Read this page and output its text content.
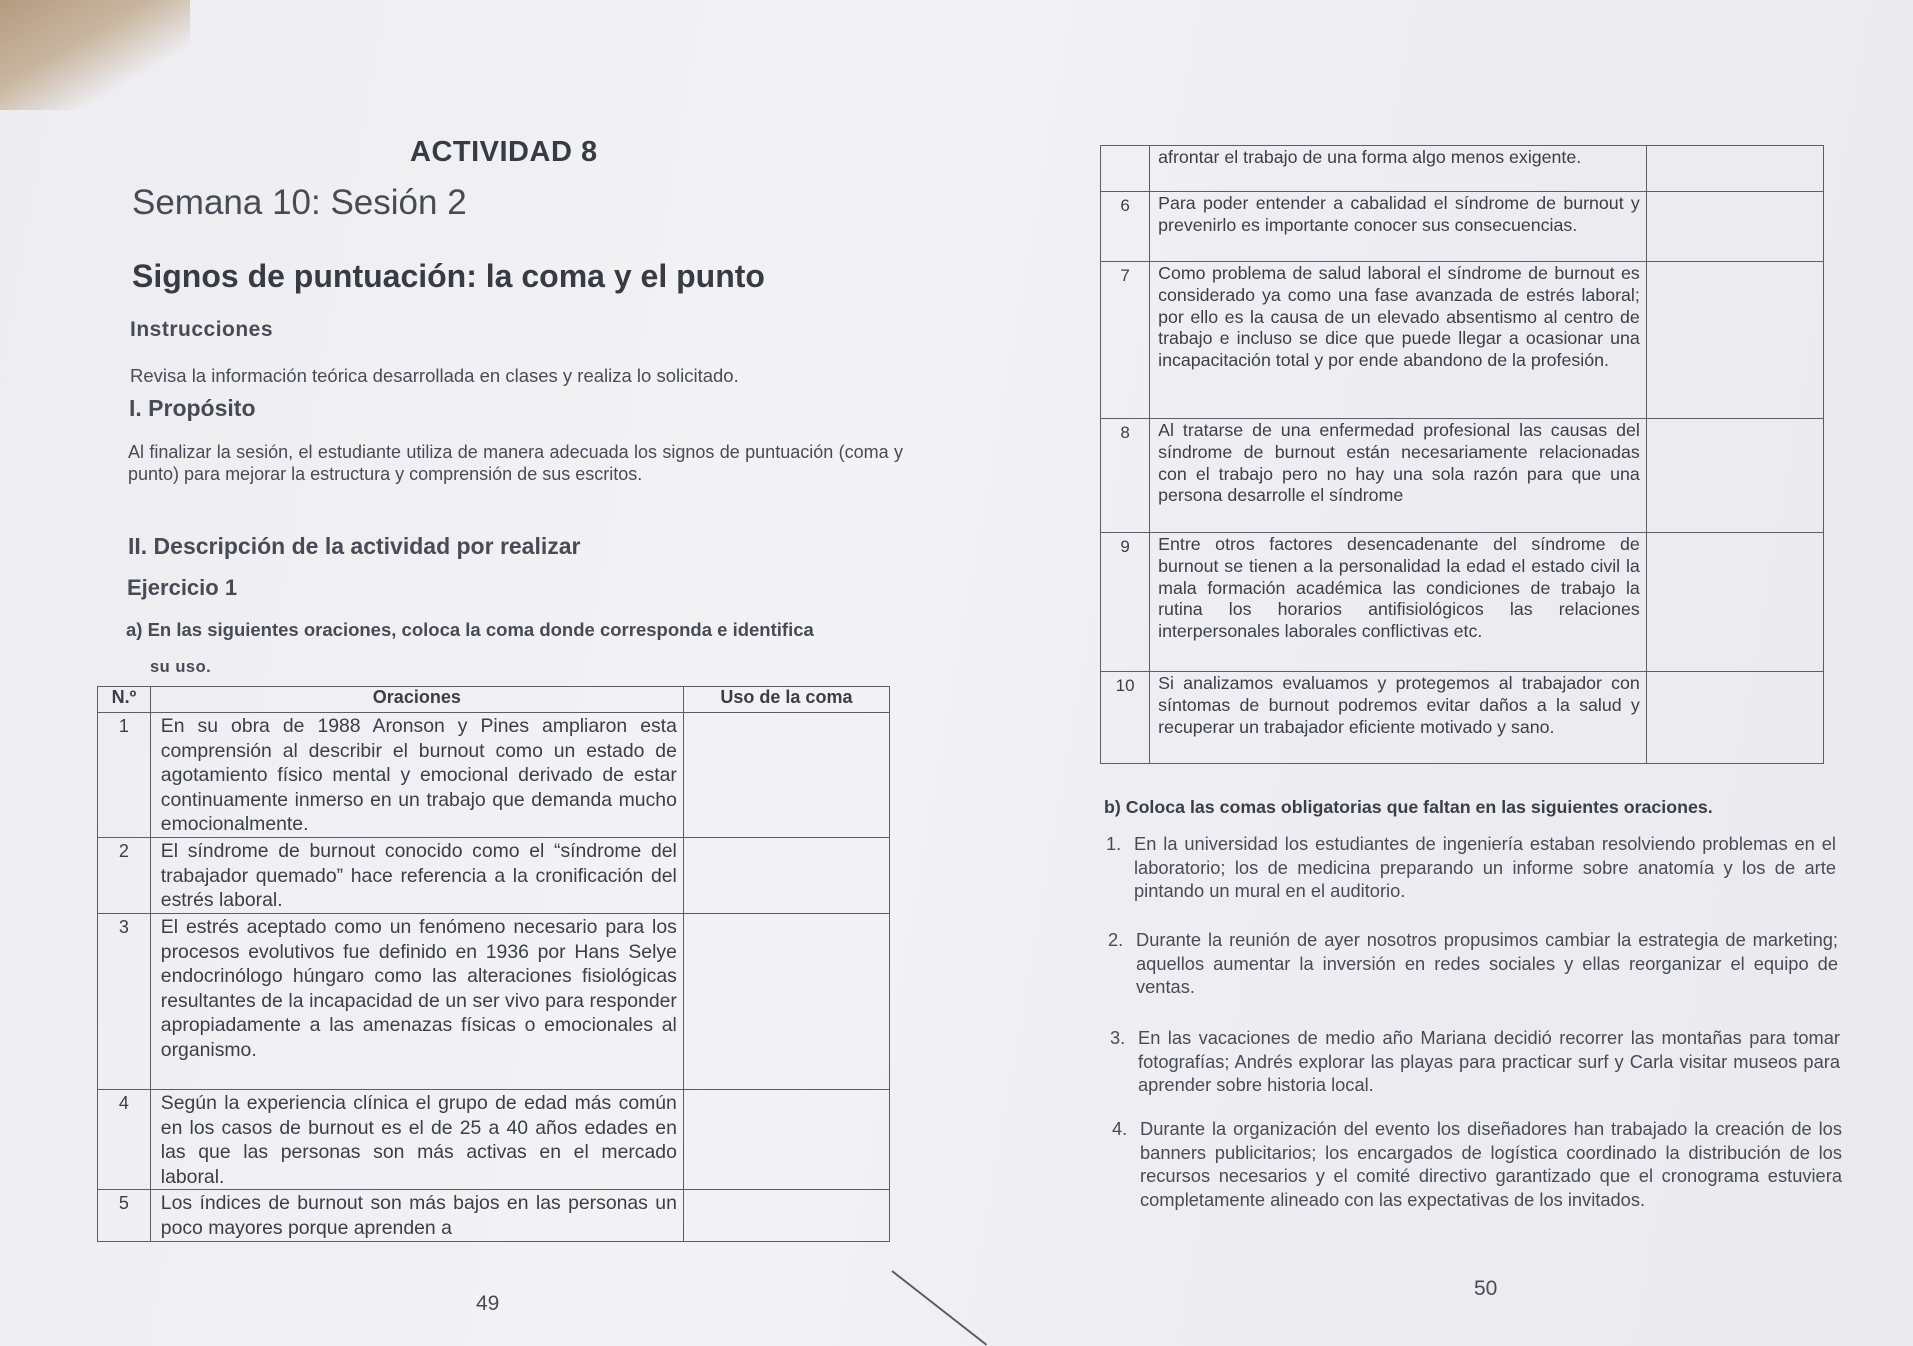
ACTIVIDAD 8
Semana 10: Sesión 2
Signos de puntuación: la coma y el punto
Instrucciones
Revisa la información teórica desarrollada en clases y realiza lo solicitado.
I. Propósito
Al finalizar la sesión, el estudiante utiliza de manera adecuada los signos de puntuación (coma y punto) para mejorar la estructura y comprensión de sus escritos.
II. Descripción de la actividad por realizar
Ejercicio 1
a) En las siguientes oraciones, coloca la coma donde corresponda e identifica
su uso.
N.º	Oraciones	Uso de la coma
1	En su obra de 1988 Aronson y Pines ampliaron esta comprensión al describir el burnout como un estado de agotamiento físico mental y emocional derivado de estar continuamente inmerso en un trabajo que demanda mucho emocionalmente.	
2	El síndrome de burnout conocido como el “síndrome del trabajador quemado” hace referencia a la cronificación del estrés laboral.	
3	El estrés aceptado como un fenómeno necesario para los procesos evolutivos fue definido en 1936 por Hans Selye endocrinólogo húngaro como las alteraciones fisiológicas resultantes de la incapacidad de un ser vivo para responder apropiadamente a las amenazas físicas o emocionales al organismo.	
4	Según la experiencia clínica el grupo de edad más común en los casos de burnout es el de 25 a 40 años edades en las que las personas son más activas en el mercado laboral.	
5	Los índices de burnout son más bajos en las personas un poco mayores porque aprenden a	
49
	afrontar el trabajo de una forma algo menos exigente.	
6	Para poder entender a cabalidad el síndrome de burnout y prevenirlo es importante conocer sus consecuencias.	
7	Como problema de salud laboral el síndrome de burnout es considerado ya como una fase avanzada de estrés laboral; por ello es la causa de un elevado absentismo al centro de trabajo e incluso se dice que puede llegar a ocasionar una incapacitación total y por ende abandono de la profesión.	
8	Al tratarse de una enfermedad profesional las causas del síndrome de burnout están necesariamente relacionadas con el trabajo pero no hay una sola razón para que una persona desarrolle el síndrome	
9	Entre otros factores desencadenante del síndrome de burnout se tienen a la personalidad la edad el estado civil la mala formación académica las condiciones de trabajo la rutina los horarios antifisiológicos las relaciones interpersonales laborales conflictivas etc.	
10	Si analizamos evaluamos y protegemos al trabajador con síntomas de burnout podremos evitar daños a la salud y recuperar un trabajador eficiente motivado y sano.	
b) Coloca las comas obligatorias que faltan en las siguientes oraciones.
1. En la universidad los estudiantes de ingeniería estaban resolviendo problemas en el laboratorio; los de medicina preparando un informe sobre anatomía y los de arte pintando un mural en el auditorio.
2. Durante la reunión de ayer nosotros propusimos cambiar la estrategia de marketing; aquellos aumentar la inversión en redes sociales y ellas reorganizar el equipo de ventas.
3. En las vacaciones de medio año Mariana decidió recorrer las montañas para tomar fotografías; Andrés explorar las playas para practicar surf y Carla visitar museos para aprender sobre historia local.
4. Durante la organización del evento los diseñadores han trabajado la creación de los banners publicitarios; los encargados de logística coordinado la distribución de los recursos necesarios y el comité directivo garantizado que el cronograma estuviera completamente alineado con las expectativas de los invitados.
50
